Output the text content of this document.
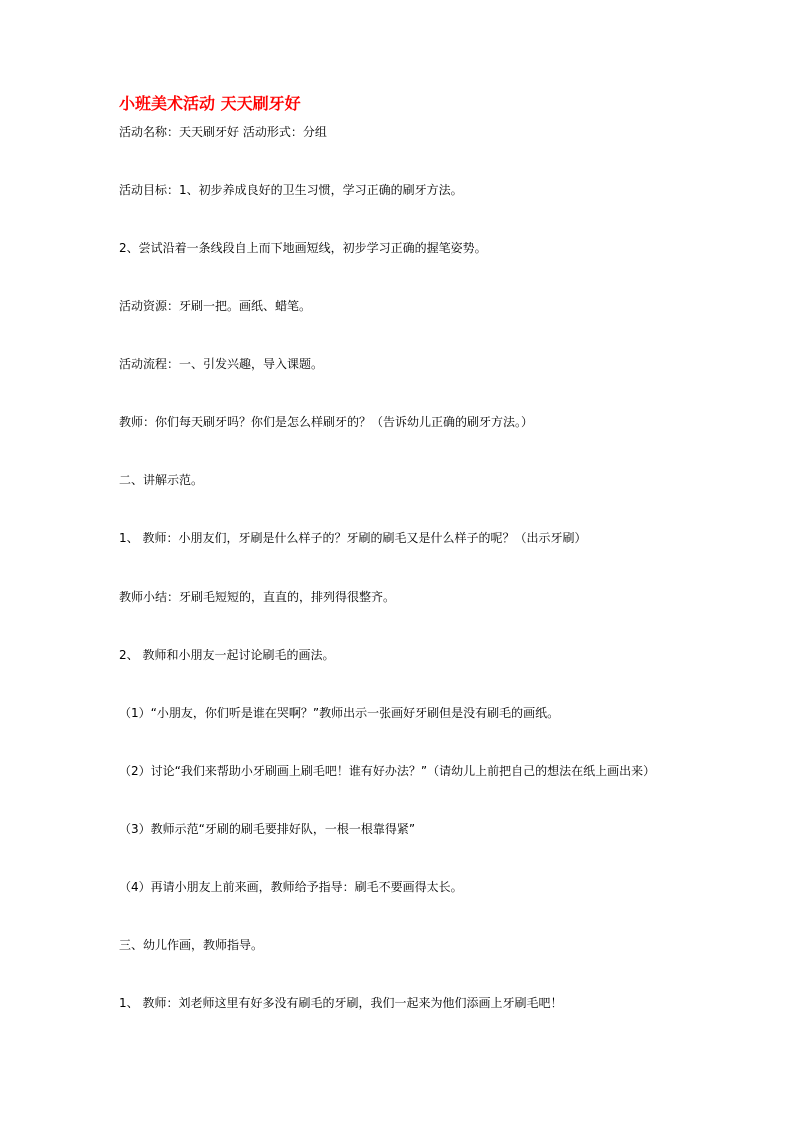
小班美术活动 天天刷牙好
活动名称：天天刷牙好 活动形式：分组
活动目标：1、初步养成良好的卫生习惯，学习正确的刷牙方法。
2、尝试沿着一条线段自上而下地画短线，初步学习正确的握笔姿势。
活动资源：牙刷一把。画纸、蜡笔。
活动流程：一、引发兴趣，导入课题。
教师：你们每天刷牙吗？你们是怎么样刷牙的？（告诉幼儿正确的刷牙方法。）
二、讲解示范。
1、 教师：小朋友们，牙刷是什么样子的？牙刷的刷毛又是什么样子的呢？（出示牙刷）
教师小结：牙刷毛短短的，直直的，排列得很整齐。
2、 教师和小朋友一起讨论刷毛的画法。
（1）“小朋友，你们听是谁在哭啊？”教师出示一张画好牙刷但是没有刷毛的画纸。
（2）讨论“我们来帮助小牙刷画上刷毛吧！谁有好办法？”（请幼儿上前把自己的想法在纸上画出来）
（3）教师示范“牙刷的刷毛要排好队，一根一根靠得紧”
（4）再请小朋友上前来画，教师给予指导：刷毛不要画得太长。
三、幼儿作画，教师指导。
1、 教师：刘老师这里有好多没有刷毛的牙刷，我们一起来为他们添画上牙刷毛吧！
